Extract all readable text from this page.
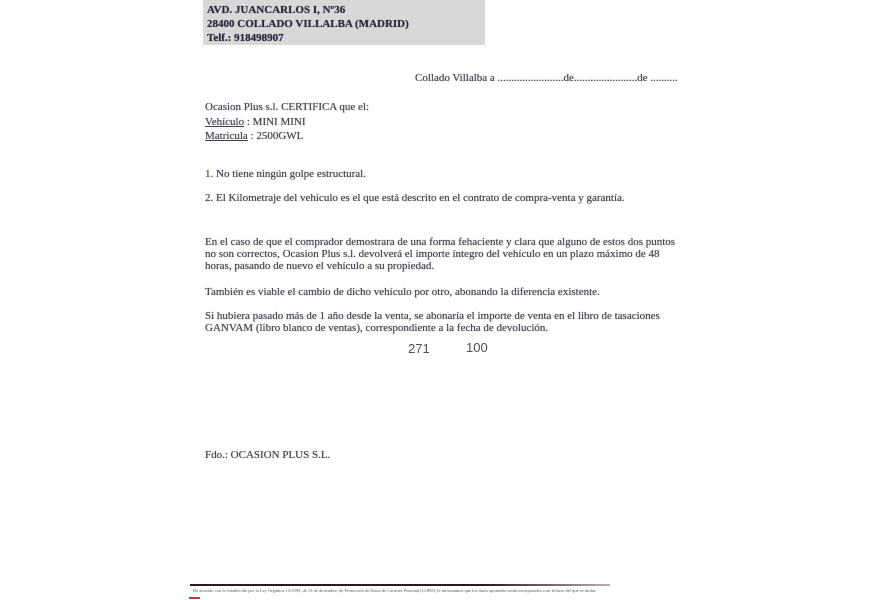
AVD. JUANCARLOS I, Nº36
28400 COLLADO VILLALBA (MADRID)
Telf.: 918498907
Collado Villalba a ........................de.......................de ..........
Ocasion Plus s.l. CERTIFICA que el:
Vehículo : MINI MINI
Matricula : 2500GWL
1. No tiene ningún golpe estructural.
2. El Kilometraje del vehículo es el que está descrito en el contrato de compra-venta y garantía.
En el caso de que el comprador demostrara de una forma fehaciente y clara que alguno de estos dos puntos no son correctos, Ocasion Plus s.l. devolverá el importe íntegro del vehículo en un plazo máximo de 48 horas, pasando de nuevo el vehículo a su propiedad.
También es viable el cambio de dicho vehículo por otro, abonando la diferencia existente.
Si hubiera pasado más de 1 año desde la venta, se abonaría el importe de venta en el libro de tasaciones GANVAM (libro blanco de ventas), correspondiente a la fecha de devolución.
271	100
Fdo.: OCASION PLUS S.L.
De acuerdo con lo establecido por la Ley Orgánica 15/1999, de 13 de diciembre, de Protección de Datos de Carácter Personal (LOPD), le informamos que los datos aportados serán incorporados a un fichero del que es titular.
